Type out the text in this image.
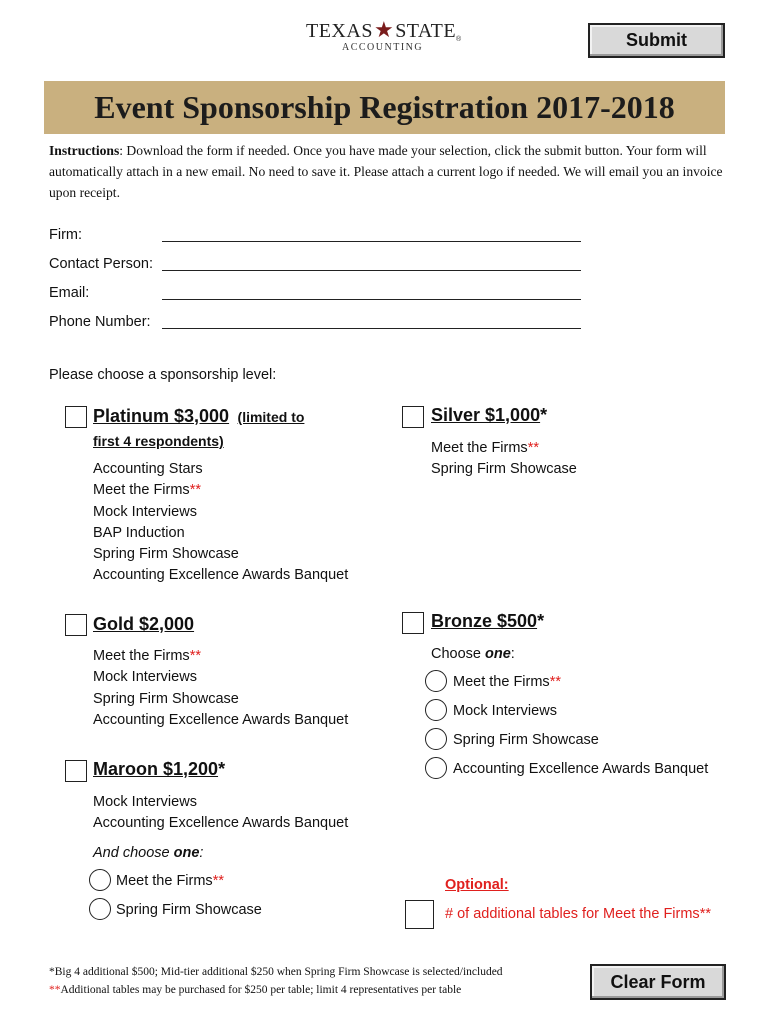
TEXAS★STATE
ACCOUNTING
®	Submit
Event Sponsorship Registration 2017-2018
Instructions: Download the form if needed. Once you have made your selection, click the submit button. Your form will automatically attach in a new email. No need to save it. Please attach a current logo if needed. We will email you an invoice upon receipt.
Firm:
Contact Person:
Email:
Phone Number:
Please choose a sponsorship level:
Platinum $3,000 (limited to
first 4 respondents)
Accounting Stars
Meet the Firms**
Mock Interviews
BAP Induction
Spring Firm Showcase
Accounting Excellence Awards Banquet
Silver $1,000*
Meet the Firms**
Spring Firm Showcase
Gold $2,000
Meet the Firms**
Mock Interviews
Spring Firm Showcase
Accounting Excellence Awards Banquet
Bronze $500*
Choose one:
Meet the Firms**
Mock Interviews
Spring Firm Showcase
Accounting Excellence Awards Banquet
Maroon $1,200*
Mock Interviews
Accounting Excellence Awards Banquet
And choose one:
Meet the Firms**
Spring Firm Showcase
Optional:
# of additional tables for Meet the Firms**
*Big 4 additional $500; Mid-tier additional $250 when Spring Firm Showcase is selected/included
**Additional tables may be purchased for $250 per table; limit 4 representatives per table	Clear Form
